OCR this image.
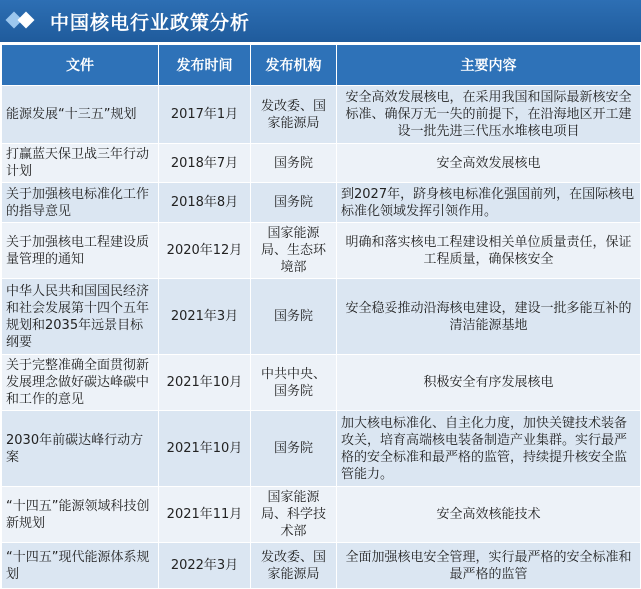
中国核电行业政策分析
文件	发布时间	发布机构	主要内容
能源发展“十三五”规划	2017年1月	发改委、国家能源局	安全高效发展核电，在采用我国和国际最新核安全标准、确保万无一失的前提下，在沿海地区开工建设一批先进三代压水堆核电项目
打赢蓝天保卫战三年行动计划	2018年7月	国务院	安全高效发展核电
关于加强核电标准化工作的指导意见	2018年8月	国务院	到2027年，跻身核电标准化强国前列，在国际核电标准化领域发挥引领作用。
关于加强核电工程建设质量管理的通知	2020年12月	国家能源局、生态环境部	明确和落实核电工程建设相关单位质量责任，保证工程质量，确保核安全
中华人民共和国国民经济和社会发展第十四个五年规划和2035年远景目标纲要	2021年3月	国务院	安全稳妥推动沿海核电建设，建设一批多能互补的清洁能源基地
关于完整准确全面贯彻新发展理念做好碳达峰碳中和工作的意见	2021年10月	中共中央、国务院	积极安全有序发展核电
2030年前碳达峰行动方案	2021年10月	国务院	加大核电标准化、自主化力度，加快关键技术装备攻关，培育高端核电装备制造产业集群。实行最严格的安全标准和最严格的监管，持续提升核安全监管能力。
“十四五”能源领域科技创新规划	2021年11月	国家能源局、科学技术部	安全高效核能技术
“十四五”现代能源体系规划	2022年3月	发改委、国家能源局	全面加强核电安全管理，实行最严格的安全标准和最严格的监管
